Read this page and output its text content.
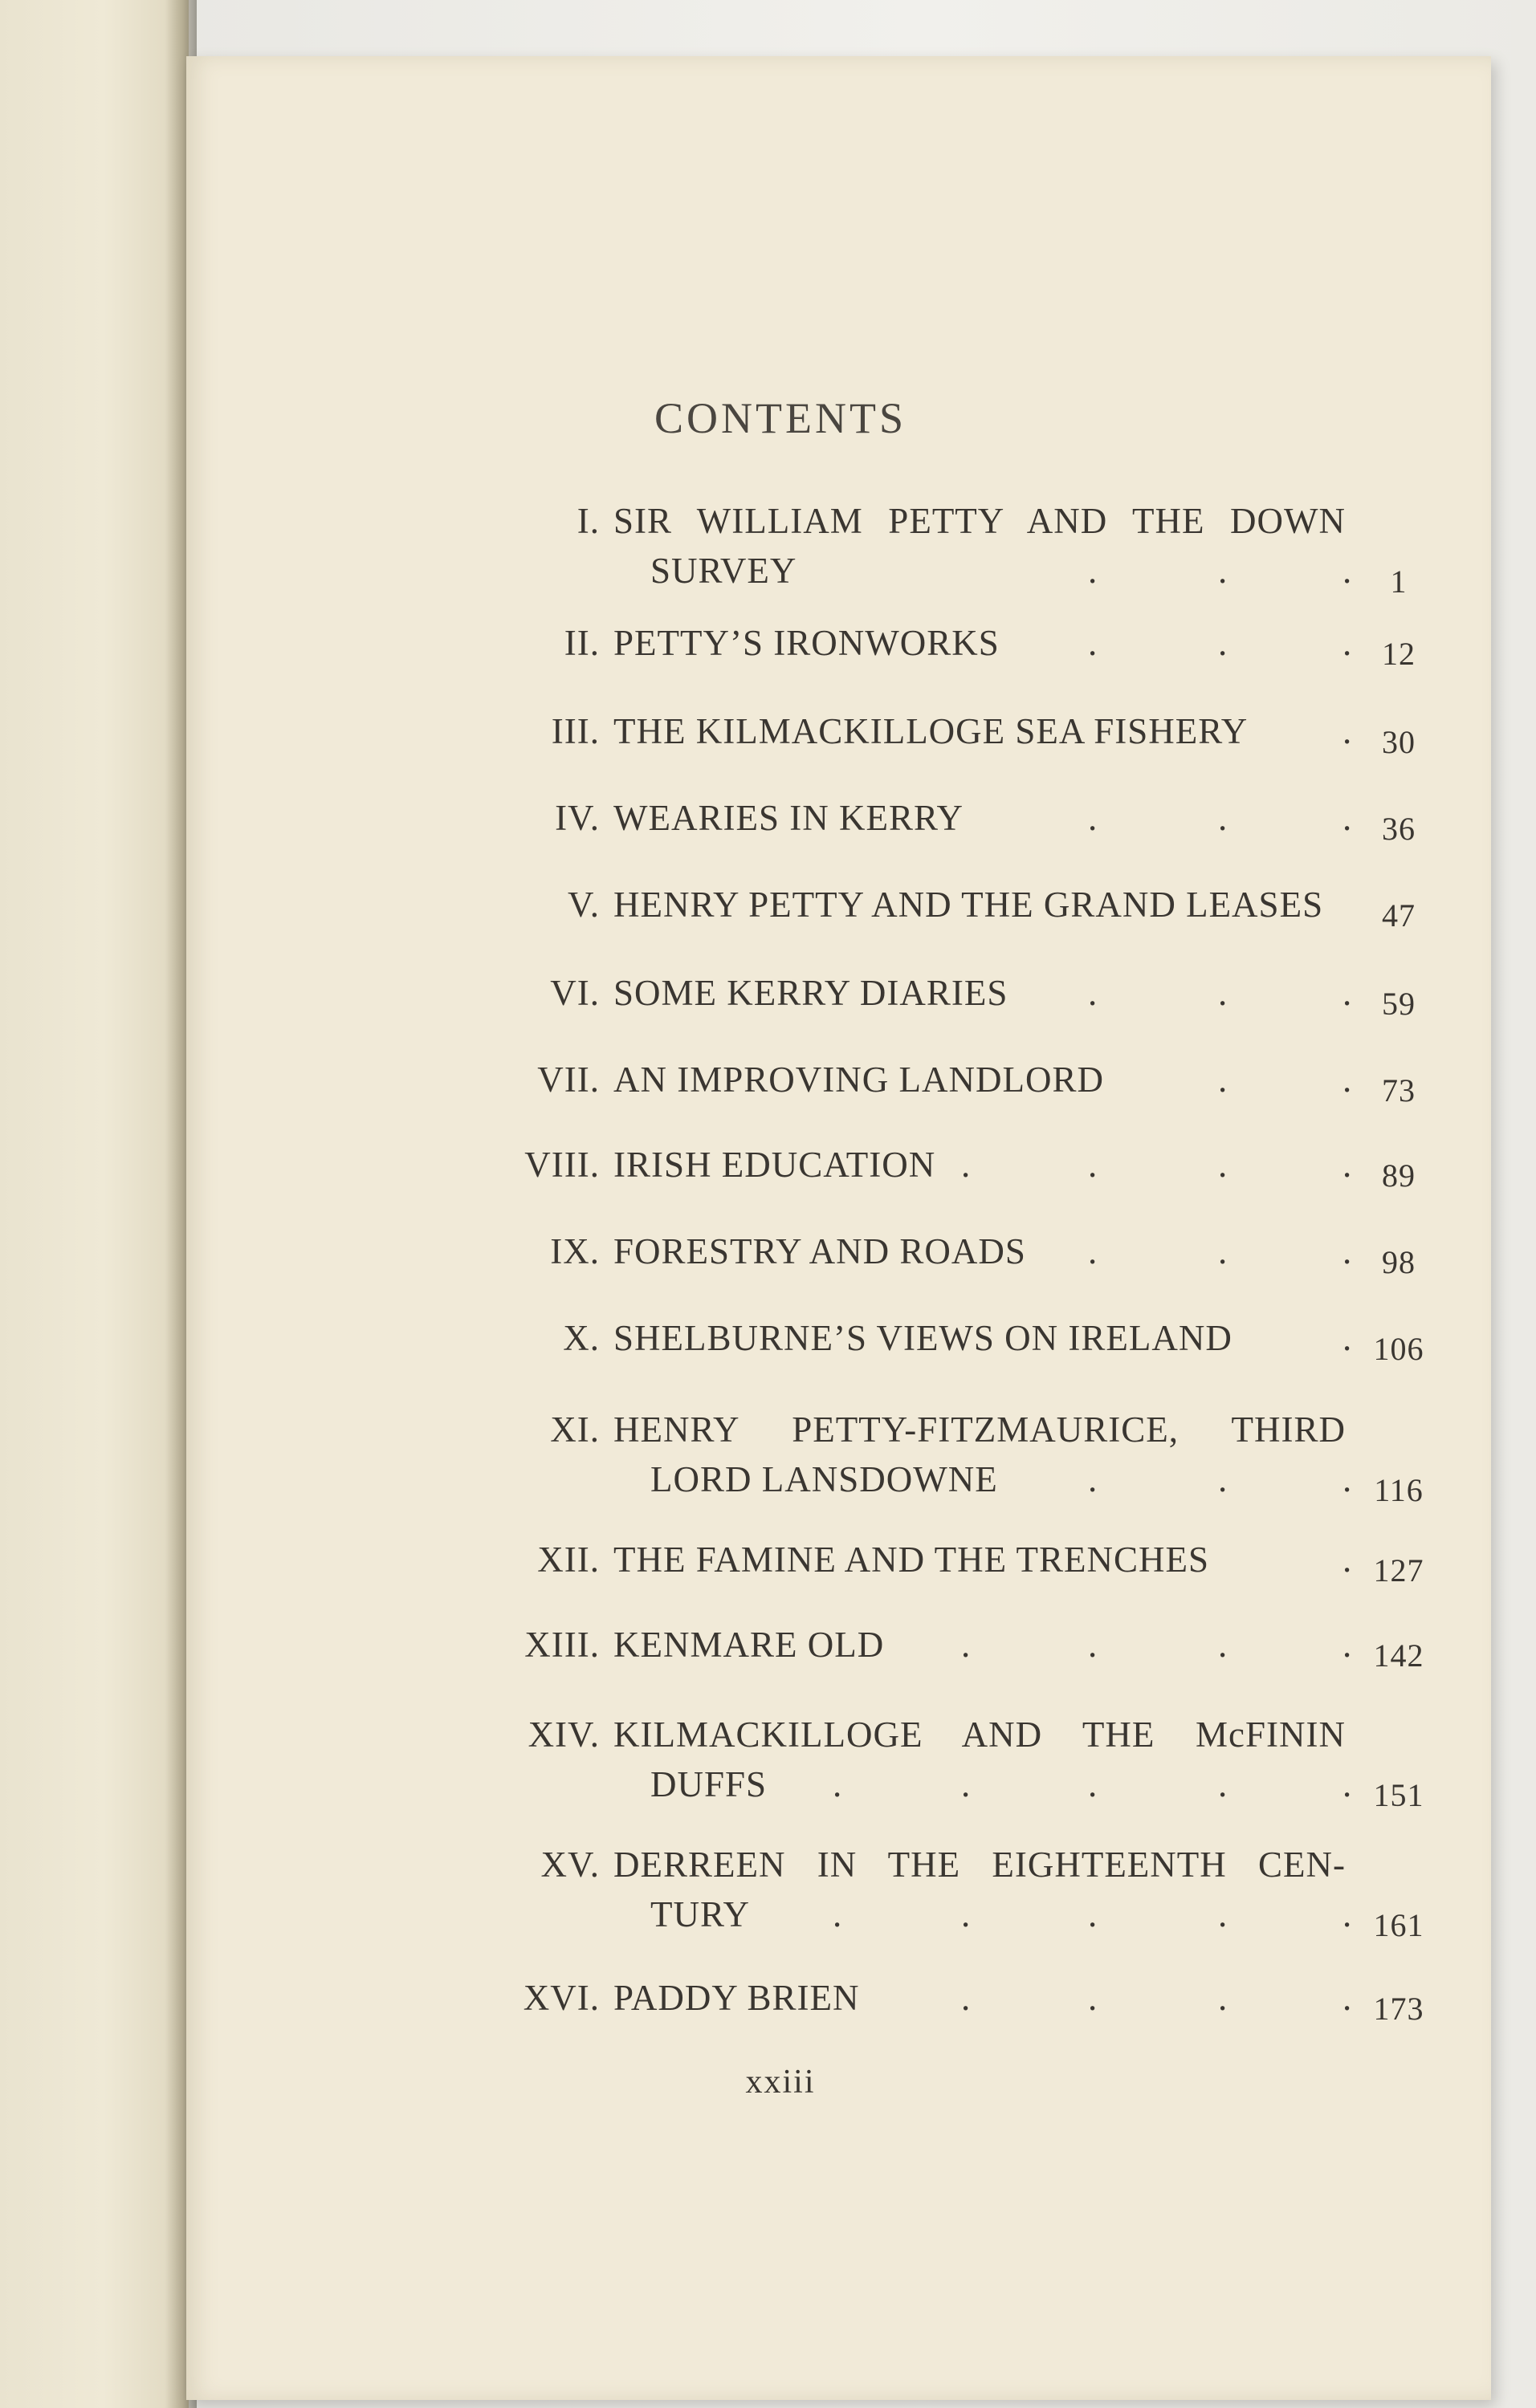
CONTENTS
I. SIR WILLIAM PETTY AND THE DOWN
SURVEY	.	.	.	1
II. PETTY’S IRONWORKS .	.	. 12
III. THE KILMACKILLOGE SEA FISHERY	. 30
IV. WEARIES IN KERRY	.	.	. 36
V. HENRY PETTY AND THE GRAND LEASES	47
VI. SOME KERRY DIARIES .	.	. 59
VII. AN IMPROVING LANDLORD	.	. 73
VIII. IRISH EDUCATION .	.	.	. 89
IX. FORESTRY AND ROADS .	.	. 98
X. SHELBURNE’S VIEWS ON IRELAND	. 106
XI. HENRY PETTY-FITZMAURICE, THIRD
LORD LANSDOWNE .	.	. 116
XII. THE FAMINE AND THE TRENCHES	. 127
XIII. KENMARE OLD .	.	.	. 142
XIV. KILMACKILLOGE AND THE McFININ
DUFFS .	.	.	.	. 151
XV. DERREEN IN THE EIGHTEENTH CEN-
TURY .	.	.	.	. 161
XVI. PADDY BRIEN	.	.	.	. 173
xxiii
